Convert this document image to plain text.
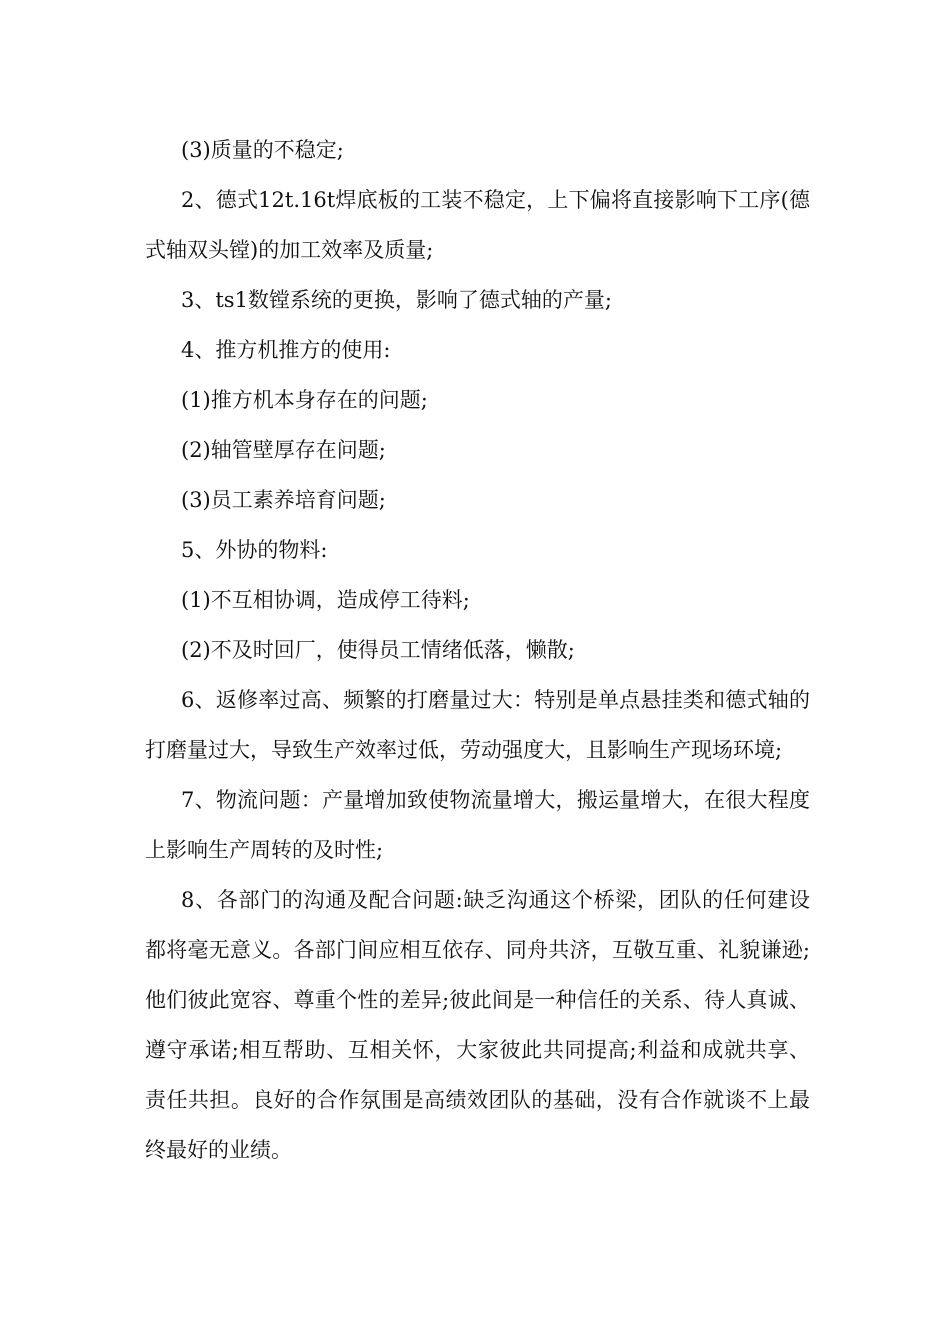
(3)质量的不稳定;

2、德式12t.16t焊底板的工装不稳定，上下偏将直接影响下工序(德式轴双头镗)的加工效率及质量;

3、ts1数镗系统的更换，影响了德式轴的产量;

4、推方机推方的使用:

(1)推方机本身存在的问题;

(2)轴管壁厚存在问题;

(3)员工素养培育问题;

5、外协的物料:

(1)不互相协调，造成停工待料;

(2)不及时回厂，使得员工情绪低落，懒散;

6、返修率过高、频繁的打磨量过大：特别是单点悬挂类和德式轴的打磨量过大，导致生产效率过低，劳动强度大，且影响生产现场环境;

7、物流问题：产量增加致使物流量增大，搬运量增大，在很大程度上影响生产周转的及时性;

8、各部门的沟通及配合问题:缺乏沟通这个桥梁，团队的任何建设都将毫无意义。各部门间应相互依存、同舟共济，互敬互重、礼貌谦逊;他们彼此宽容、尊重个性的差异;彼此间是一种信任的关系、待人真诚、遵守承诺;相互帮助、互相关怀，大家彼此共同提高;利益和成就共享、责任共担。良好的合作氛围是高绩效团队的基础，没有合作就谈不上最终最好的业绩。
